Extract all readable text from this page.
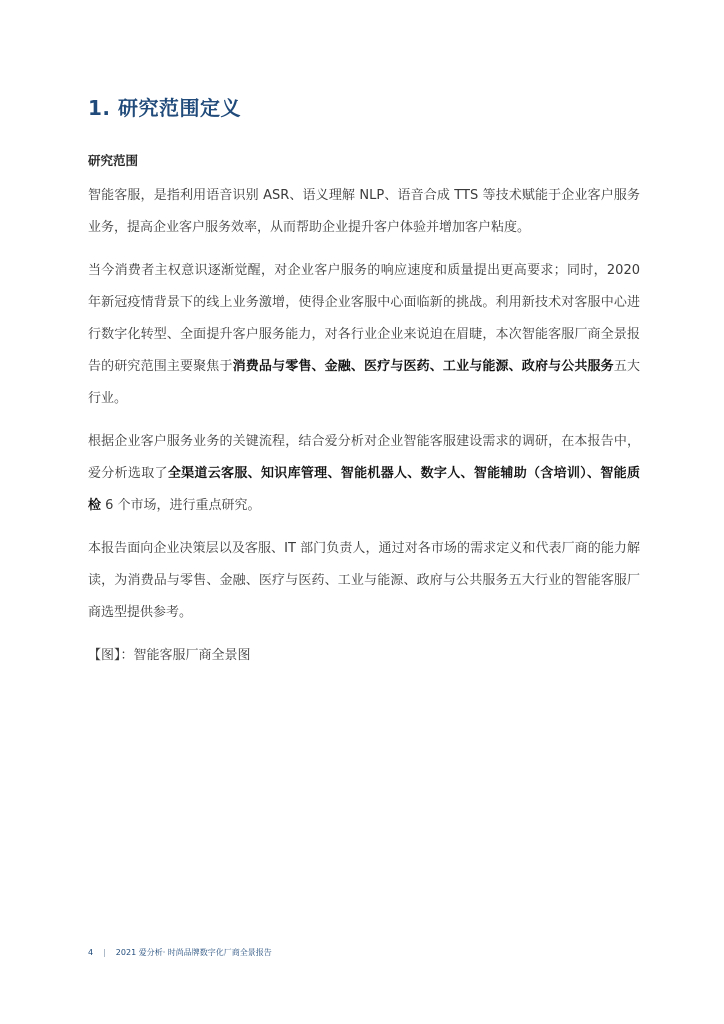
1. 研究范围定义
研究范围

智能客服，是指利用语音识别 ASR、语义理解 NLP、语音合成 TTS 等技术赋能于企业客户服务业务，提高企业客户服务效率，从而帮助企业提升客户体验并增加客户粘度。

当今消费者主权意识逐渐觉醒，对企业客户服务的响应速度和质量提出更高要求；同时，2020 年新冠疫情背景下的线上业务激增，使得企业客服中心面临新的挑战。利用新技术对客服中心进行数字化转型、全面提升客户服务能力，对各行业企业来说迫在眉睫，本次智能客服厂商全景报告的研究范围主要聚焦于消费品与零售、金融、医疗与医药、工业与能源、政府与公共服务五大行业。

根据企业客户服务业务的关键流程，结合爱分析对企业智能客服建设需求的调研，在本报告中，爱分析选取了全渠道云客服、知识库管理、智能机器人、数字人、智能辅助（含培训）、智能质检 6 个市场，进行重点研究。

本报告面向企业决策层以及客服、IT 部门负责人，通过对各市场的需求定义和代表厂商的能力解读，为消费品与零售、金融、医疗与医药、工业与能源、政府与公共服务五大行业的智能客服厂商选型提供参考。

【图】：智能客服厂商全景图

4 | 2021 爱分析· 时尚品牌数字化厂商全景报告
